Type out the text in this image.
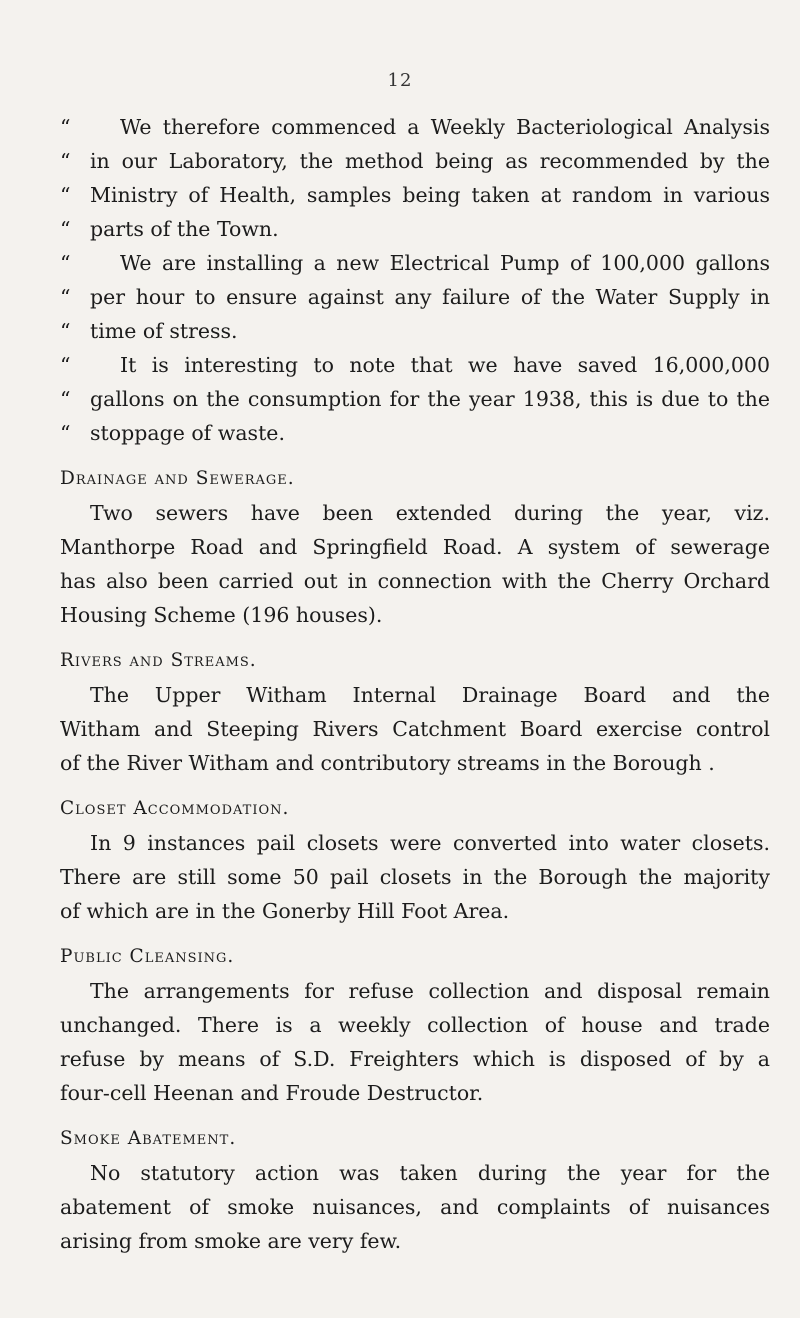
12
“ We therefore commenced a Weekly Bacteriological Analysis
“ in our Laboratory, the method being as recommended by the
“ Ministry of Health, samples being taken at random in various
“ parts of the Town.
“ We are installing a new Electrical Pump of 100,000 gallons
“ per hour to ensure against any failure of the Water Supply in
“ time of stress.
“ It is interesting to note that we have saved 16,000,000
“ gallons on the consumption for the year 1938, this is due to the
“ stoppage of waste.
Drainage and Sewerage.
Two sewers have been extended during the year, viz.
Manthorpe Road and Springfield Road. A system of sewerage
has also been carried out in connection with the Cherry Orchard
Housing Scheme (196 houses).
Rivers and Streams.
The Upper Witham Internal Drainage Board and the
Witham and Steeping Rivers Catchment Board exercise control
of the River Witham and contributory streams in the Borough .
Closet Accommodation.
In 9 instances pail closets were converted into water closets.
There are still some 50 pail closets in the Borough the majority
of which are in the Gonerby Hill Foot Area.
Public Cleansing.
The arrangements for refuse collection and disposal remain
unchanged. There is a weekly collection of house and trade
refuse by means of S.D. Freighters which is disposed of by a
four-cell Heenan and Froude Destructor.
Smoke Abatement.
No statutory action was taken during the year for the
abatement of smoke nuisances, and complaints of nuisances
arising from smoke are very few.
